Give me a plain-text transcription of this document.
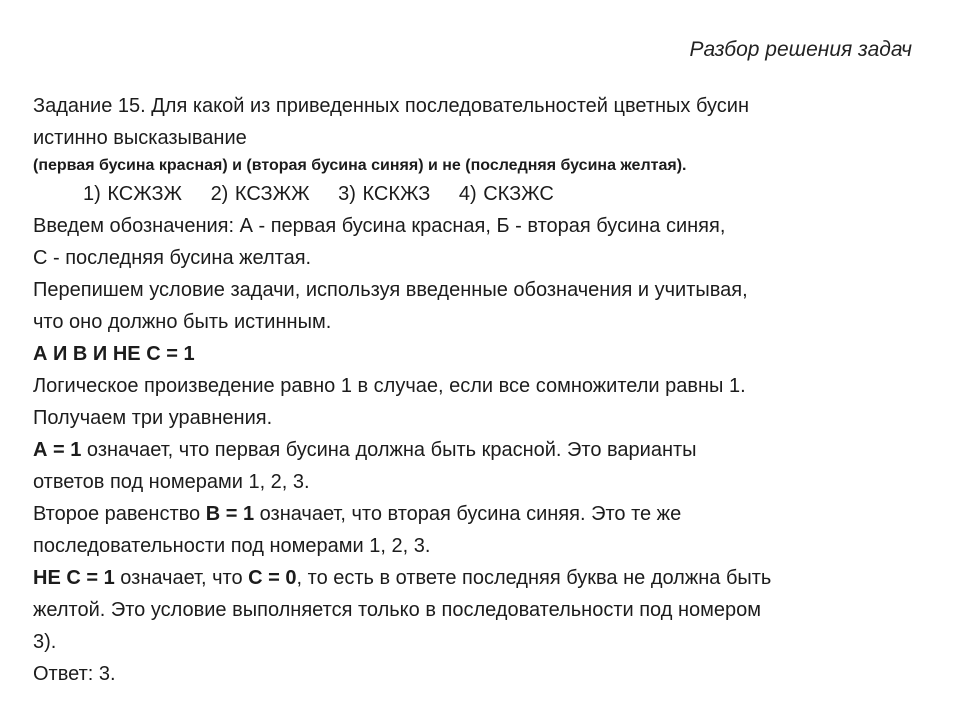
Разбор решения задач

Задание 15. Для какой из приведенных последовательностей цветных бусин

истинно высказывание

(первая бусина красная) и (вторая бусина синяя) и не (последняя бусина желтая).

1) КСЖЗЖ 2) КСЗЖЖ 3) КСКЖЗ 4) СКЗЖС

Введем обозначения: А - первая бусина красная, Б - вторая бусина синяя,

С - последняя бусина желтая.

Перепишем условие задачи, используя введенные обозначения и учитывая,

что оно должно быть истинным.

А И В И НЕ С = 1

Логическое произведение равно 1 в случае, если все сомножители равны 1.

Получаем три уравнения.

А = 1 означает, что первая бусина должна быть красной. Это варианты

ответов под номерами 1, 2, 3.

Второе равенство В = 1 означает, что вторая бусина синяя. Это те же

последовательности под номерами 1, 2, 3.

НЕ С = 1 означает, что С = 0, то есть в ответе последняя буква не должна быть

желтой. Это условие выполняется только в последовательности под номером

3).

Ответ: 3.
